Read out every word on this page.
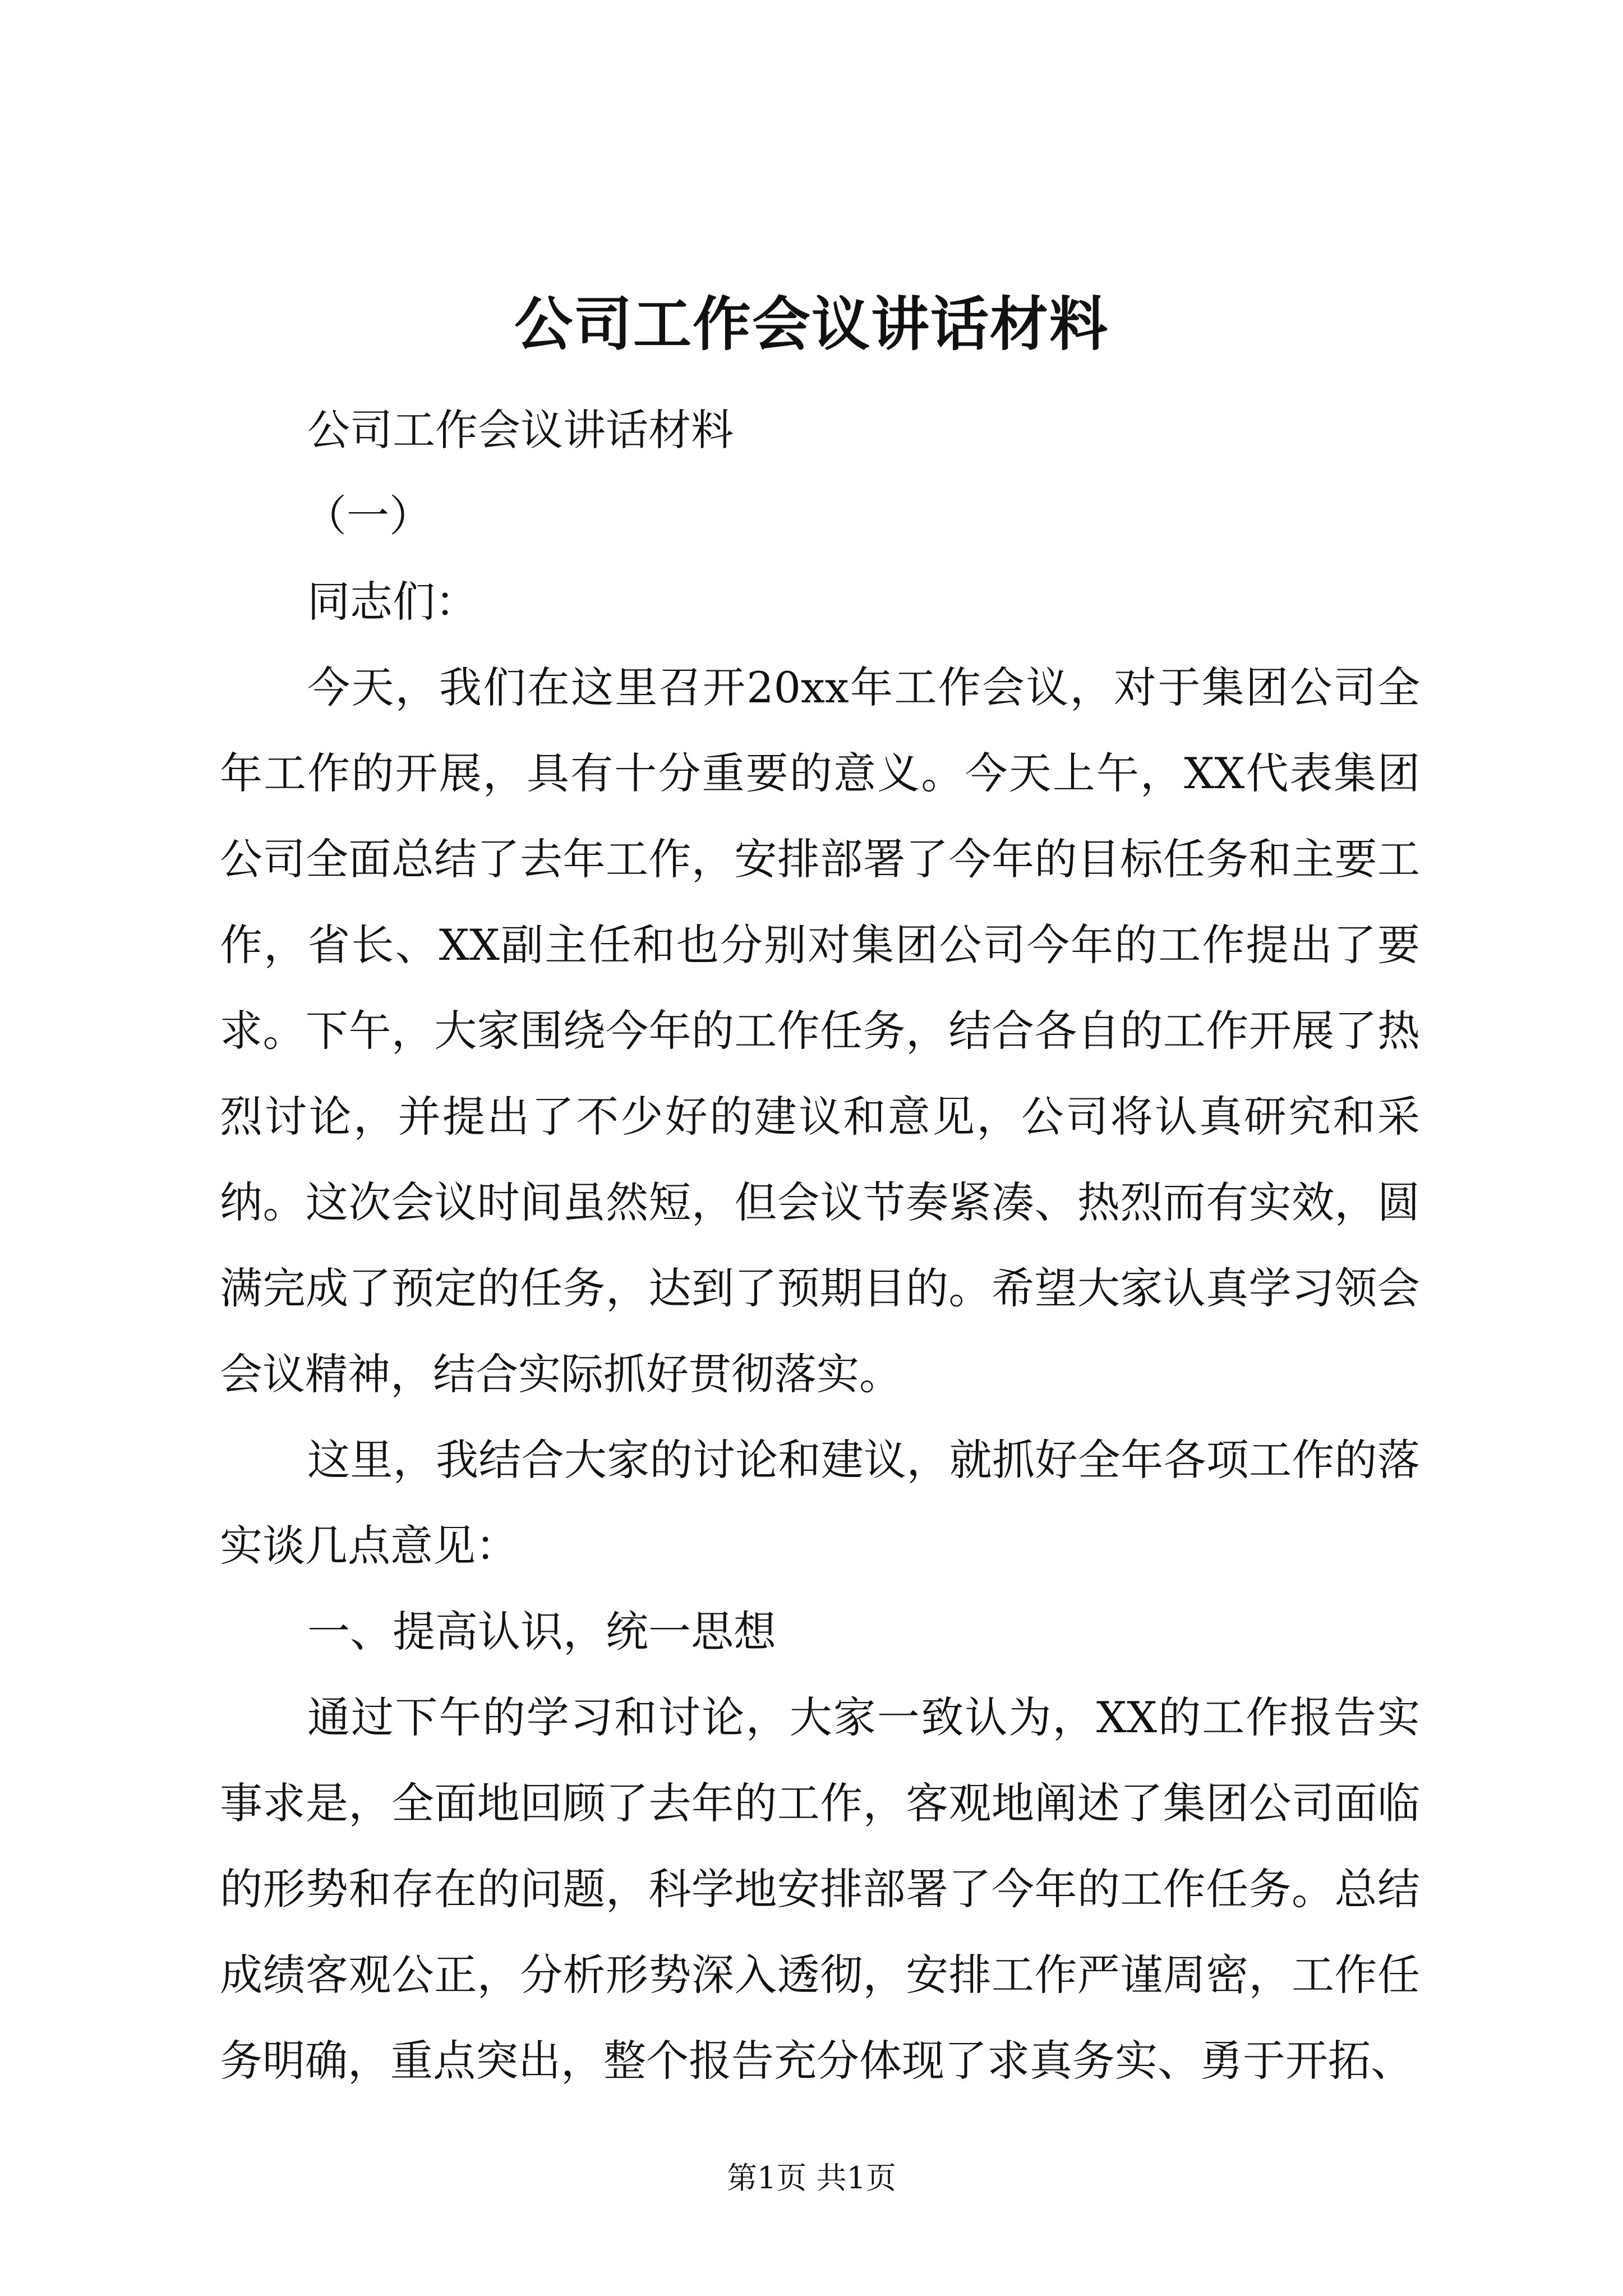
公司工作会议讲话材料

公司工作会议讲话材料

（一）

同志们：

今天，我们在这里召开20xx年工作会议，对于集团公司全年工作的开展，具有十分重要的意义。今天上午，XX代表集团公司全面总结了去年工作，安排部署了今年的目标任务和主要工作，省长、XX副主任和也分别对集团公司今年的工作提出了要求。下午，大家围绕今年的工作任务，结合各自的工作开展了热烈讨论，并提出了不少好的建议和意见，公司将认真研究和采纳。这次会议时间虽然短，但会议节奏紧凑、热烈而有实效，圆满完成了预定的任务，达到了预期目的。希望大家认真学习领会会议精神，结合实际抓好贯彻落实。

这里，我结合大家的讨论和建议，就抓好全年各项工作的落实谈几点意见：

一、提高认识，统一思想

通过下午的学习和讨论，大家一致认为，XX的工作报告实事求是，全面地回顾了去年的工作，客观地阐述了集团公司面临的形势和存在的问题，科学地安排部署了今年的工作任务。总结成绩客观公正，分析形势深入透彻，安排工作严谨周密，工作任务明确，重点突出，整个报告充分体现了求真务实、勇于开拓、

第1页 共1页
